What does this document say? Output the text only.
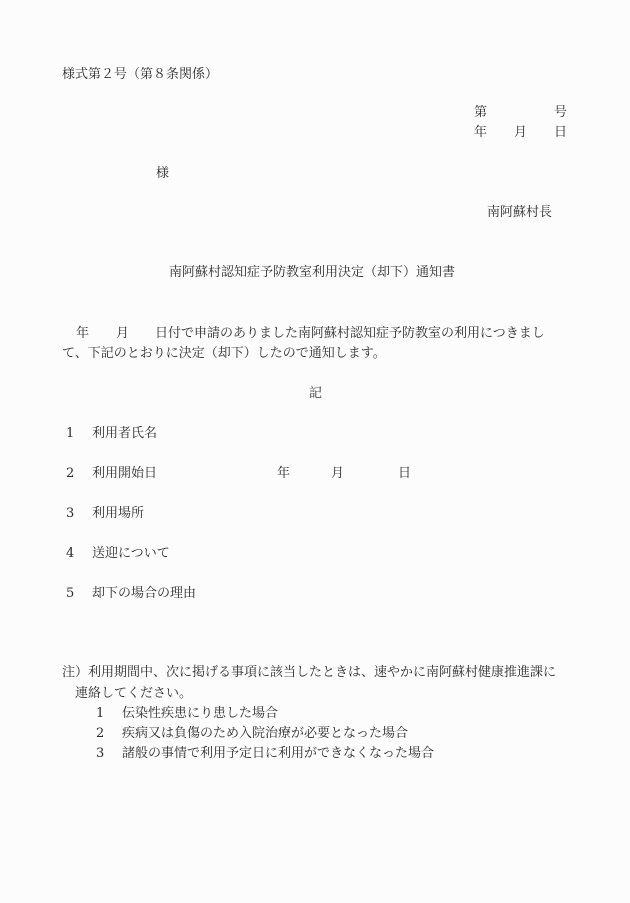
様式第２号（第８条関係）
第	号
年 月 日
様
南阿蘇村長
南阿蘇村認知症予防教室利用決定（却下）通知書
年 月 日付で申請のありました南阿蘇村認知症予防教室の利用につきまし
て、下記のとおりに決定（却下）したので通知します。
記
1 利用者氏名
2 利用開始日	年	月	日
3 利用場所
4 送迎について
5 却下の場合の理由
注）利用期間中、次に掲げる事項に該当したときは、速やかに南阿蘇村健康推進課に
連絡してください。
1 伝染性疾患にり患した場合
2 疾病又は負傷のため入院治療が必要となった場合
3 諸般の事情で利用予定日に利用ができなくなった場合
